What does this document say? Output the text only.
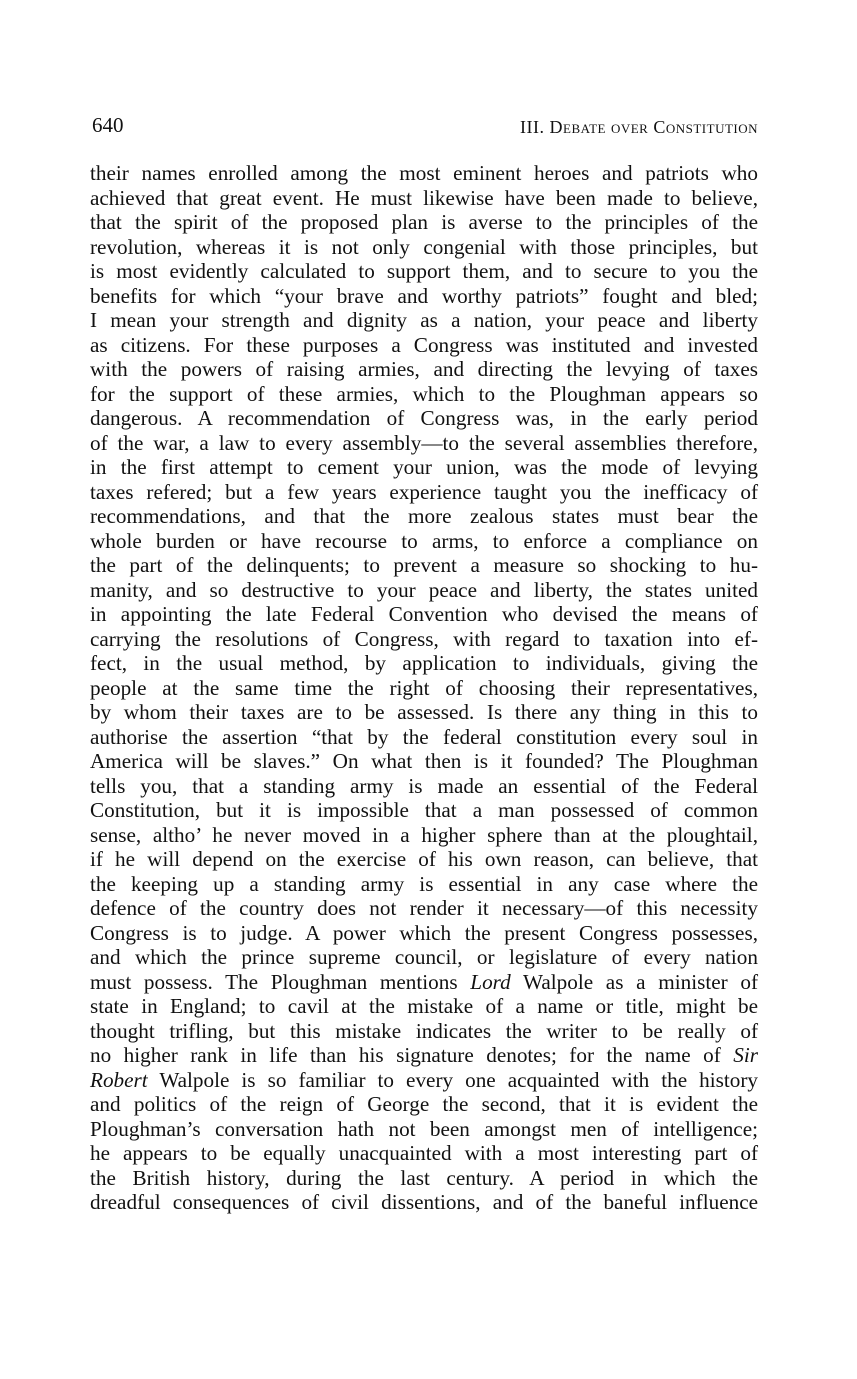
640	III. Debate over Constitution
their names enrolled among the most eminent heroes and patriots who
achieved that great event. He must likewise have been made to believe,
that the spirit of the proposed plan is averse to the principles of the
revolution, whereas it is not only congenial with those principles, but
is most evidently calculated to support them, and to secure to you the
benefits for which “your brave and worthy patriots” fought and bled;
I mean your strength and dignity as a nation, your peace and liberty
as citizens. For these purposes a Congress was instituted and invested
with the powers of raising armies, and directing the levying of taxes
for the support of these armies, which to the Ploughman appears so
dangerous. A recommendation of Congress was, in the early period
of the war, a law to every assembly—to the several assemblies therefore,
in the first attempt to cement your union, was the mode of levying
taxes refered; but a few years experience taught you the inefficacy of
recommendations, and that the more zealous states must bear the
whole burden or have recourse to arms, to enforce a compliance on
the part of the delinquents; to prevent a measure so shocking to hu-
manity, and so destructive to your peace and liberty, the states united
in appointing the late Federal Convention who devised the means of
carrying the resolutions of Congress, with regard to taxation into ef-
fect, in the usual method, by application to individuals, giving the
people at the same time the right of choosing their representatives,
by whom their taxes are to be assessed. Is there any thing in this to
authorise the assertion “that by the federal constitution every soul in
America will be slaves.” On what then is it founded? The Ploughman
tells you, that a standing army is made an essential of the Federal
Constitution, but it is impossible that a man possessed of common
sense, altho’ he never moved in a higher sphere than at the ploughtail,
if he will depend on the exercise of his own reason, can believe, that
the keeping up a standing army is essential in any case where the
defence of the country does not render it necessary—of this necessity
Congress is to judge. A power which the present Congress possesses,
and which the prince supreme council, or legislature of every nation
must possess. The Ploughman mentions Lord Walpole as a minister of
state in England; to cavil at the mistake of a name or title, might be
thought trifling, but this mistake indicates the writer to be really of
no higher rank in life than his signature denotes; for the name of Sir
Robert Walpole is so familiar to every one acquainted with the history
and politics of the reign of George the second, that it is evident the
Ploughman’s conversation hath not been amongst men of intelligence;
he appears to be equally unacquainted with a most interesting part of
the British history, during the last century. A period in which the
dreadful consequences of civil dissentions, and of the baneful influence
